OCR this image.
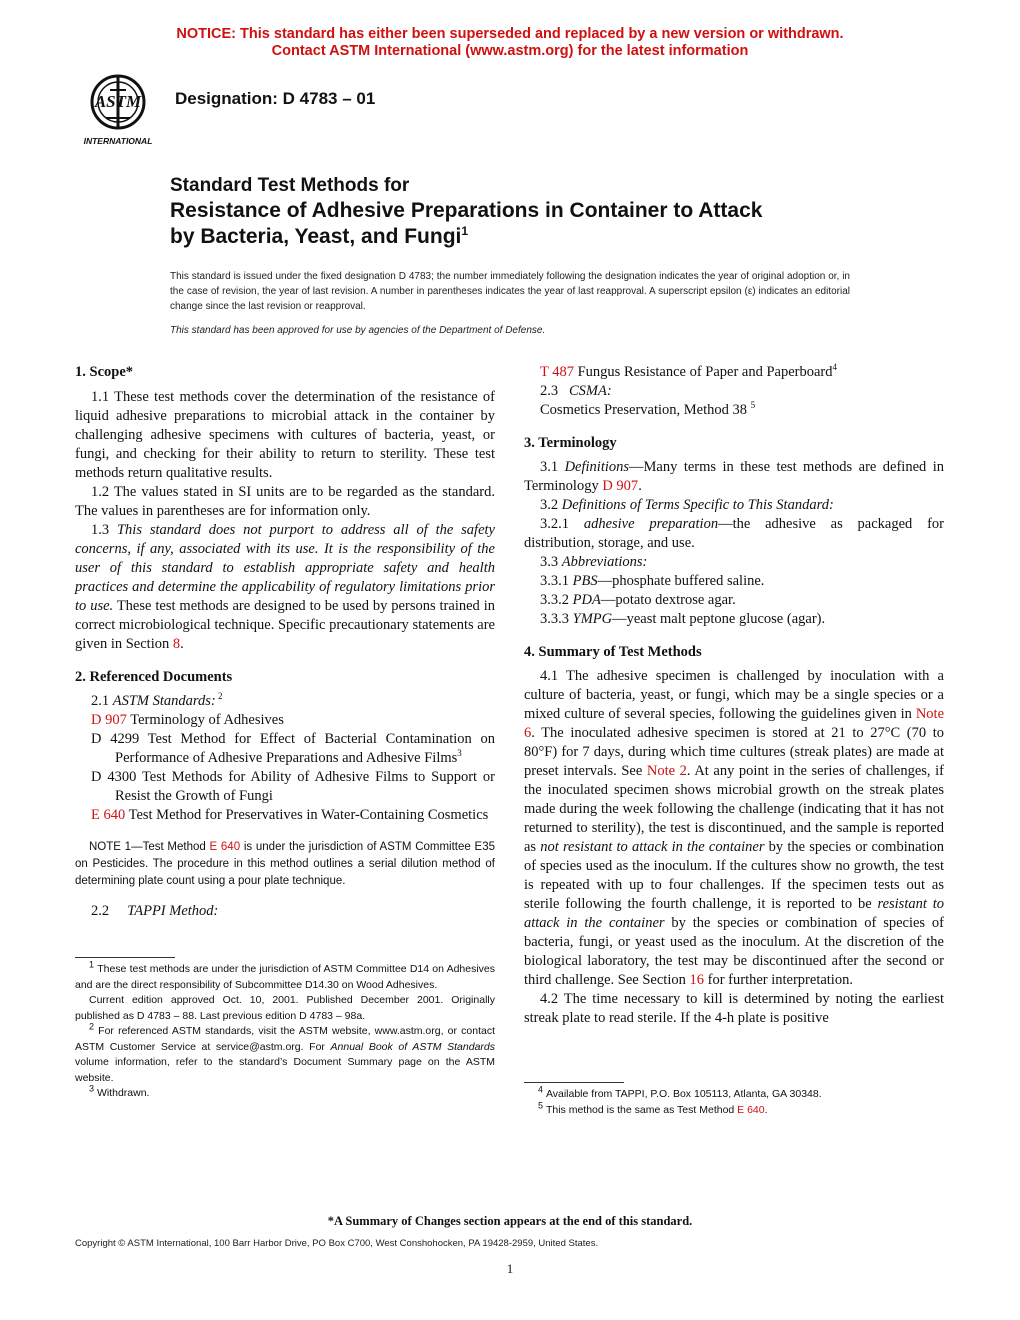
NOTICE: This standard has either been superseded and replaced by a new version or withdrawn.
Contact ASTM International (www.astm.org) for the latest information
ASTM
INTERNATIONAL
Designation: D 4783 – 01
Standard Test Methods for
Resistance of Adhesive Preparations in Container to Attack
by Bacteria, Yeast, and Fungi$^1$
This standard is issued under the fixed designation D 4783; the number immediately following the designation indicates the year of original adoption or, in the case of revision, the year of last revision. A number in parentheses indicates the year of last reapproval. A superscript epsilon (ε) indicates an editorial change since the last revision or reapproval.
This standard has been approved for use by agencies of the Department of Defense.
1. Scope*

1.1 These test methods cover the determination of the resistance of liquid adhesive preparations to microbial attack in the container by challenging adhesive specimens with cultures of bacteria, yeast, or fungi, and checking for their ability to return to sterility. These test methods return qualitative results.

1.2 The values stated in SI units are to be regarded as the standard. The values in parentheses are for information only.

1.3 This standard does not purport to address all of the safety concerns, if any, associated with its use. It is the responsibility of the user of this standard to establish appropriate safety and health practices and determine the applicability of regulatory limitations prior to use. These test methods are designed to be used by persons trained in correct microbiological technique. Specific precautionary statements are given in Section 8.

2. Referenced Documents

2.1 ASTM Standards: $^2$

D 907 Terminology of Adhesives

D 4299 Test Method for Effect of Bacterial Contamination on Performance of Adhesive Preparations and Adhesive Films$^3$

D 4300 Test Methods for Ability of Adhesive Films to Support or Resist the Growth of Fungi

E 640 Test Method for Preservatives in Water-Containing Cosmetics

NOTE 1—Test Method E 640 is under the jurisdiction of ASTM Committee E35 on Pesticides. The procedure in this method outlines a serial dilution method of determining plate count using a pour plate technique.

2.2     TAPPI Method:

$^1$ These test methods are under the jurisdiction of ASTM Committee D14 on Adhesives and are the direct responsibility of Subcommittee D14.30 on Wood Adhesives.

Current edition approved Oct. 10, 2001. Published December 2001. Originally published as D 4783 – 88. Last previous edition D 4783 – 98a.

$^2$ For referenced ASTM standards, visit the ASTM website, www.astm.org, or contact ASTM Customer Service at service@astm.org. For Annual Book of ASTM Standards volume information, refer to the standard’s Document Summary page on the ASTM website.

$^3$ Withdrawn.

T 487 Fungus Resistance of Paper and Paperboard$^4$

2.3   CSMA:

Cosmetics Preservation, Method 38 $^5$

3. Terminology

3.1 Definitions—Many terms in these test methods are defined in Terminology D 907.

3.2 Definitions of Terms Specific to This Standard:

3.2.1 adhesive preparation—the adhesive as packaged for distribution, storage, and use.

3.3 Abbreviations:

3.3.1 PBS—phosphate buffered saline.

3.3.2 PDA—potato dextrose agar.

3.3.3 YMPG—yeast malt peptone glucose (agar).

4. Summary of Test Methods

4.1 The adhesive specimen is challenged by inoculation with a culture of bacteria, yeast, or fungi, which may be a single species or a mixed culture of several species, following the guidelines given in Note 6. The inoculated adhesive specimen is stored at 21 to 27°C (70 to 80°F) for 7 days, during which time cultures (streak plates) are made at preset intervals. See Note 2. At any point in the series of challenges, if the inoculated specimen shows microbial growth on the streak plates made during the week following the challenge (indicating that it has not returned to sterility), the test is discontinued, and the sample is reported as not resistant to attack in the container by the species or combination of species used as the inoculum. If the cultures show no growth, the test is repeated with up to four challenges. If the specimen tests out as sterile following the fourth challenge, it is reported to be resistant to attack in the container by the species or combination of species of bacteria, fungi, or yeast used as the inoculum. At the discretion of the biological laboratory, the test may be discontinued after the second or third challenge. See Section 16 for further interpretation.

4.2 The time necessary to kill is determined by noting the earliest streak plate to read sterile. If the 4-h plate is positive

$^4$ Available from TAPPI, P.O. Box 105113, Atlanta, GA 30348.

$^5$ This method is the same as Test Method E 640.

*A Summary of Changes section appears at the end of this standard.
Copyright © ASTM International, 100 Barr Harbor Drive, PO Box C700, West Conshohocken, PA 19428-2959, United States.
1
